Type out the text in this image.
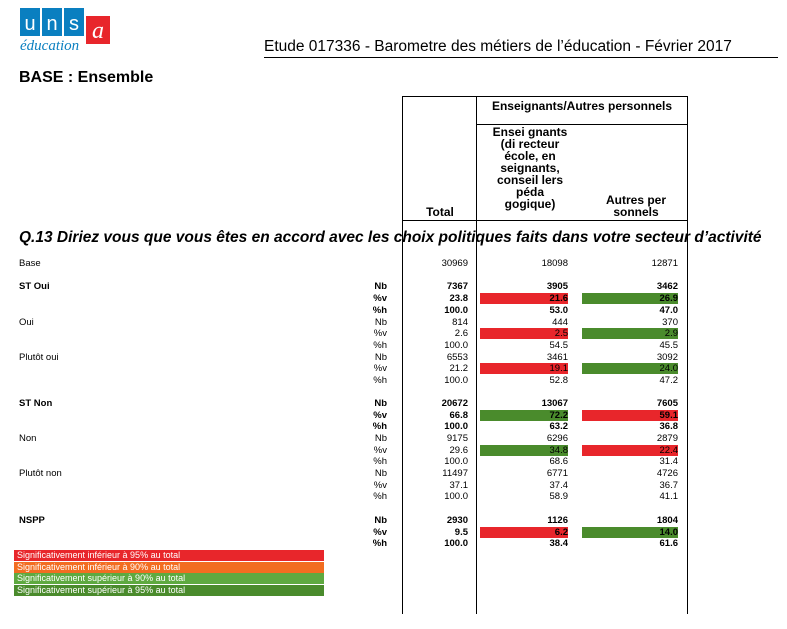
u n s a
éducation	Etude 017336 - Barometre des métiers de l’éducation - Février 2017
BASE : Ensemble
Enseignants/Autres personnels
Total
Ensei gnants (di recteur école, en seignants, conseil lers péda gogique)	Autres per sonnels
Q.13 Diriez vous que vous êtes en accord avec les choix politiques faits dans votre secteur d’activité
Base	30969	18098	12871
ST Oui	Nb	7367	3905	3462
%v	23.8	21.6	26.9
%h	100.0	53.0	47.0
Oui	Nb	814	444	370
%v	2.6	2.5	2.9
%h	100.0	54.5	45.5
Plutôt oui	Nb	6553	3461	3092
%v	21.2	19.1	24.0
%h	100.0	52.8	47.2
ST Non	Nb	20672	13067	7605
%v	66.8	72.2	59.1
%h	100.0	63.2	36.8
Non	Nb	9175	6296	2879
%v	29.6	34.8	22.4
%h	100.0	68.6	31.4
Plutôt non	Nb	11497	6771	4726
%v	37.1	37.4	36.7
%h	100.0	58.9	41.1
NSPP	Nb	2930	1126	1804
%v	9.5	6.2	14.0
%h	100.0	38.4	61.6
Significativement inférieur à 95% au total
Significativement inférieur à 90% au total
Significativement supérieur à 90% au total
Significativement supérieur à 95% au total
